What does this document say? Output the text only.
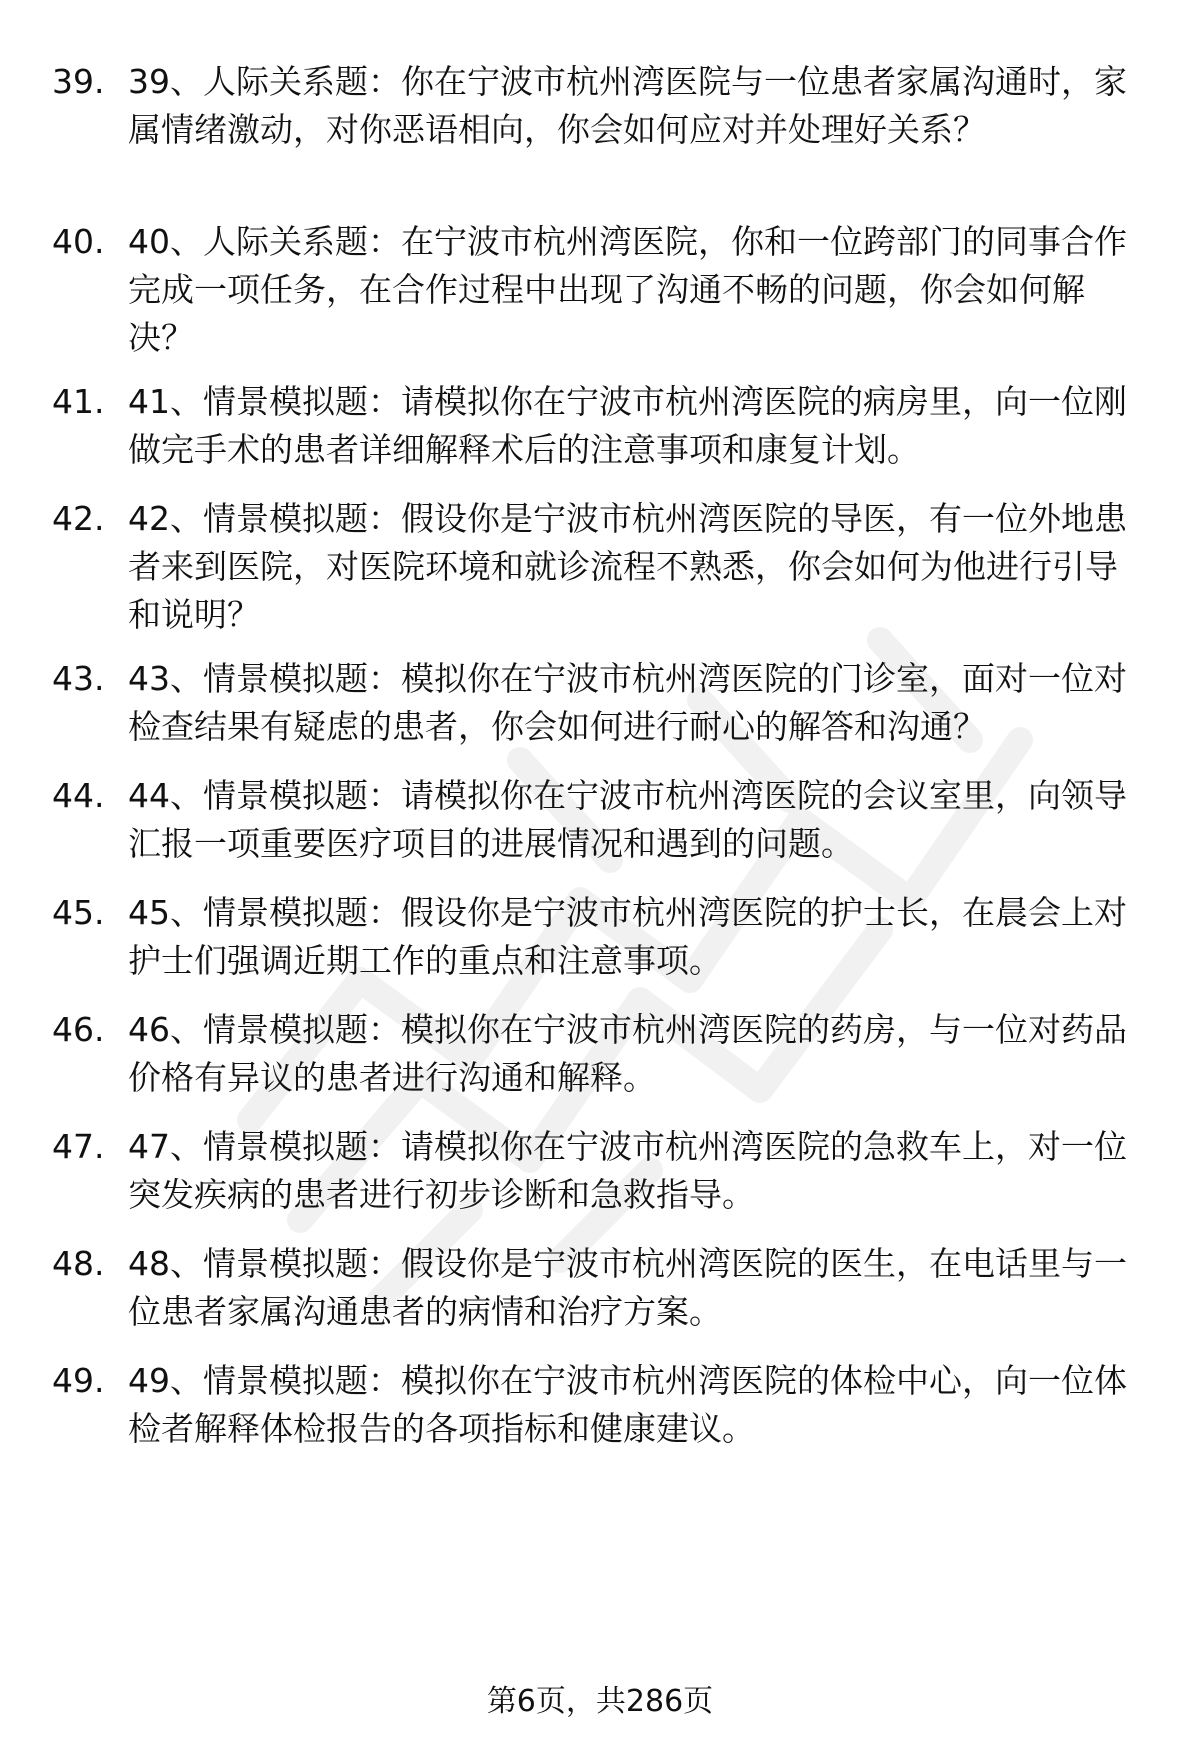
39. 39、人际关系题：你在宁波市杭州湾医院与一位患者家属沟通时，家属情绪激动，对你恶语相向，你会如何应对并处理好关系？
40. 40、人际关系题：在宁波市杭州湾医院，你和一位跨部门的同事合作完成一项任务，在合作过程中出现了沟通不畅的问题，你会如何解决？
41. 41、情景模拟题：请模拟你在宁波市杭州湾医院的病房里，向一位刚做完手术的患者详细解释术后的注意事项和康复计划。
42. 42、情景模拟题：假设你是宁波市杭州湾医院的导医，有一位外地患者来到医院，对医院环境和就诊流程不熟悉，你会如何为他进行引导和说明？
43. 43、情景模拟题：模拟你在宁波市杭州湾医院的门诊室，面对一位对检查结果有疑虑的患者，你会如何进行耐心的解答和沟通？
44. 44、情景模拟题：请模拟你在宁波市杭州湾医院的会议室里，向领导汇报一项重要医疗项目的进展情况和遇到的问题。
45. 45、情景模拟题：假设你是宁波市杭州湾医院的护士长，在晨会上对护士们强调近期工作的重点和注意事项。
46. 46、情景模拟题：模拟你在宁波市杭州湾医院的药房，与一位对药品价格有异议的患者进行沟通和解释。
47. 47、情景模拟题：请模拟你在宁波市杭州湾医院的急救车上，对一位突发疾病的患者进行初步诊断和急救指导。
48. 48、情景模拟题：假设你是宁波市杭州湾医院的医生，在电话里与一位患者家属沟通患者的病情和治疗方案。
49. 49、情景模拟题：模拟你在宁波市杭州湾医院的体检中心，向一位体检者解释体检报告的各项指标和健康建议。
第6页，共286页
